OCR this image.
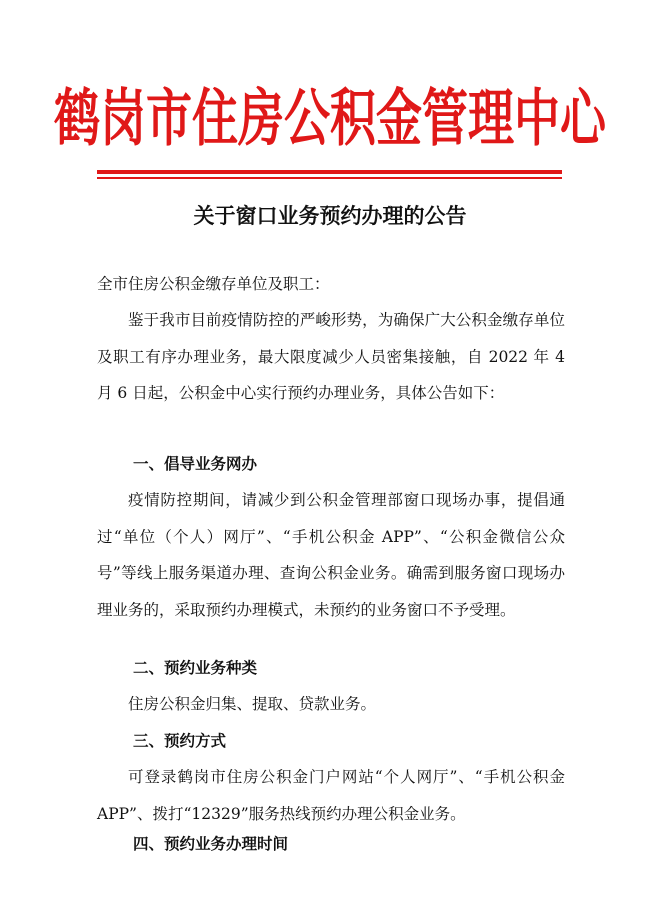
鹤岗市住房公积金管理中心
关于窗口业务预约办理的公告

全市住房公积金缴存单位及职工：

鉴于我市目前疫情防控的严峻形势，为确保广大公积金缴存单位及职工有序办理业务，最大限度减少人员密集接触，自 2022 年 4 月 6 日起，公积金中心实行预约办理业务，具体公告如下：

一、倡导业务网办

疫情防控期间，请减少到公积金管理部窗口现场办事，提倡通过“单位（个人）网厅”、“手机公积金 APP”、“公积金微信公众号”等线上服务渠道办理、查询公积金业务。确需到服务窗口现场办理业务的，采取预约办理模式，未预约的业务窗口不予受理。

二、预约业务种类

住房公积金归集、提取、贷款业务。

三、预约方式

可登录鹤岗市住房公积金门户网站“个人网厅”、“手机公积金 APP”、拨打“12329”服务热线预约办理公积金业务。

四、预约业务办理时间
